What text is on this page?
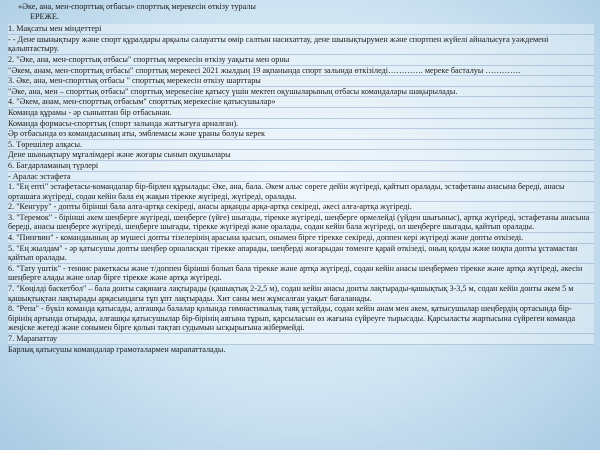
«Әке, ана, мен-спорттық отбасы» спорттық мерекесін өткізу туралы
ЕРЕЖЕ.
1. Мақсаты мен міндеттері
- - Дене шынықтыру және спорт құралдары арқылы салауатты өмір салтын насихаттау, дене шынықтырумен және спортпен жүйелі айналысуға уәждемені қалыптастыру.
2. "Әке, ана, мен-спорттық отбасы" спорттық мерекесін өткізу уақыты мен орны
"Әкем, анам, мен-спорттық отбасы" спорттық мерекесі 2021 жылдың 19 ақпанында спорт залында өткізіледі…………. мереке басталуы ………….
3. Әке, ана, мен-спорттық отбасы " спорттық мерекесін өткізу шарттары
"Әке, ана, мен – спорттық отбасы" спорттық мерекесіне қатысу үшін мектеп оқушыларының отбасы командалары шақырылады.
4. "Әкем, анам, мен-спорттық отбасым" спорттық мерекесіне қатысушылар»
Команда құрамы - әр сыныптан бір отбасынан.
Команда формасы-спорттық (спорт залында жаттығуға арналған).
Әр отбасында өз командасының аты, эмблемасы және ұраны болуы керек
5. Төрешілер алқасы.
Дене шынықтыру мұғалімдері және жоғары сынып оқушылары
6. Бағдарламаның түрлері
- Аралас эстафета
1. "Ең епті" эстафетасы-командалар бір-бірлен құрылады: Әке, ана, бала. Әкем алыс сөреге дейін жүгіреді, қайтып оралады, эстафетаны анасына береді, анасы орташаға жүгіреді, содан кейін бала ең жақын тірекке жүгіреді, жүгіреді, оралады.
2. "Кенгуру" - допты бірінші бала алға-артқа секіреді, анасы арқанды арқа-артқа секіреді, әкесі алға-артқа жүгіреді.
3. "Теремок" - бірінші әкем шеңберге жүгіреді, шеңберге (үйге) шығады, тірекке жүгіреді, шеңберге өрмелейді (үйден шығыныс), артқа жүгіреді, эстафетаны анасына береді, анасы шеңберге жүгіреді, шеңберге шығады, тірекке жүгіреді және оралады, содан кейін бала жүгіреді, ол шеңберге шығады, қайтып оралады.
4. "Пингвин" - командаының әр мүшесі допты тізелерінің арасына қысып, онымен бірге тірекке секіреді, доппен кері жүгіреді және допты өткізеді.
5. "Ең жылдам" - әр қатысушы допты шеңбер орналасқан тірекке апарады, шеңберді жоғарыдан төменге қарай өткізеді, оның қолды және ноқпа допты ұстамастан қайтып оралады.
6. "Тату үштік" - теннис ракеткасы және т/доппен бірінші болып бала тірекке және артқа жүгіреді, содан кейін анасы шеңбермен тірекке және артқа жүгіреді, әкесін шеңберге алады және олар бірге тірекке және артқа жүгіреді.
7. "Көңілді баскетбол" – бала донты сақинаға лақтырады (қашықтық 2-2,5 м), содан кейін анасы донты лақтырады-қашықтық 3-3,5 м, содан кейін донты әкем 5 м қашықтықтан лақтырады арқасындағы тұп ұпт лақтырады. Хит саны мен жұмсалған уақыт бағаланады.
8. "Репа" - бүкіл команда қатысады, алғашқы балалар қолында гимнастикалық таяқ ұстайды, содан кейін анам мен әкем, қатысушылар шеңбердің ортасында бір-бірінің артында отырады, алғашқы қатысушылар бір-бірінің аягына тұрып, қарсыласын өз жағына сүйреуге тырысады. Қарсыласты жартысына сүйреген команда жеңіске жетеді және сонымен бірге қолын тақтап судымын ысқырығына жібермейді.
7. Марапаттау
Барлық қатысушы командалар грамоталармен марапатталады.
